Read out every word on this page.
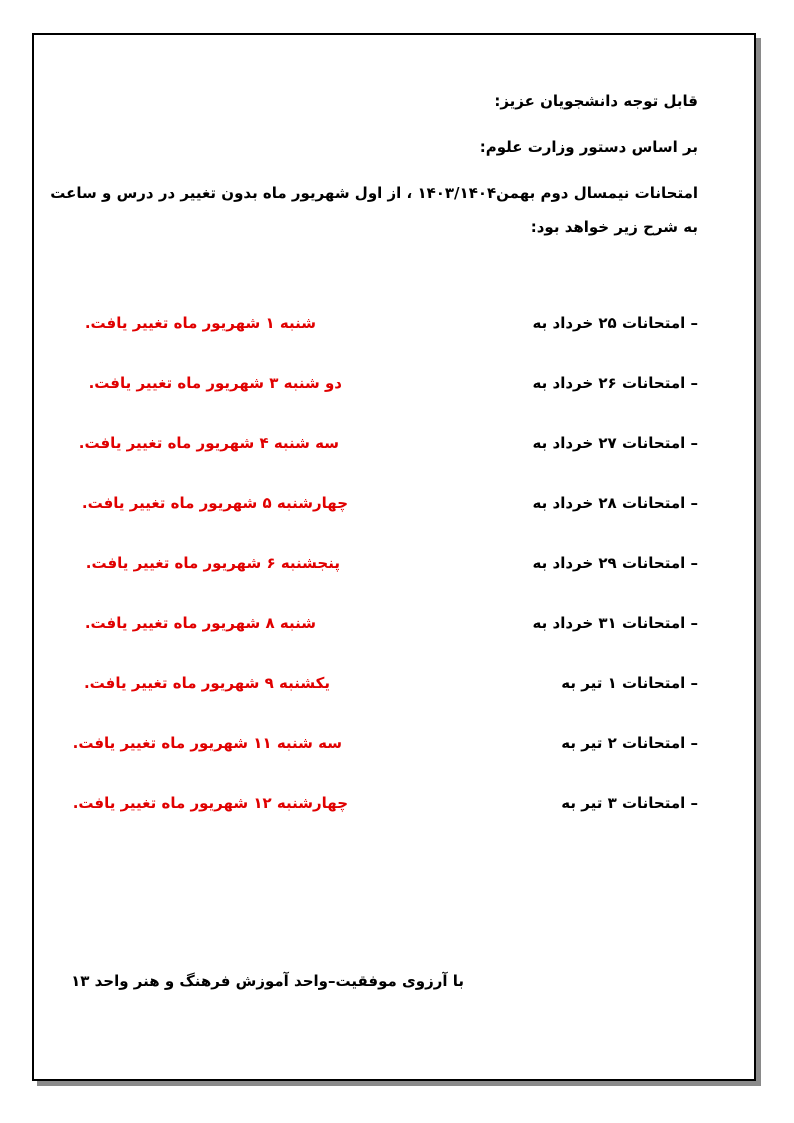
قابل توجه دانشجویان عزیز:
بر اساس دستور وزارت علوم:
امتحانات نیمسال دوم بهمن۱۴۰۳/۱۴۰۴ ، از اول شهریور ماه بدون تغییر در درس و ساعت
به شرح زیر خواهد بود:
– امتحانات ۲۵ خرداد به
شنبه ۱ شهریور ماه تغییر یافت.
– امتحانات ۲۶ خرداد به
دو شنبه ۳ شهریور ماه تغییر یافت.
– امتحانات ۲۷ خرداد به
سه شنبه ۴ شهریور ماه تغییر یافت.
– امتحانات ۲۸ خرداد به
چهارشنبه ۵ شهریور ماه تغییر یافت.
– امتحانات ۲۹ خرداد به
پنجشنبه ۶ شهریور ماه تغییر یافت.
– امتحانات ۳۱ خرداد به
شنبه ۸ شهریور ماه تغییر یافت.
– امتحانات ۱ تیر به
یکشنبه ۹ شهریور ماه تغییر یافت.
– امتحانات ۲ تیر به
سه شنبه ۱۱ شهریور ماه تغییر یافت.
– امتحانات ۳ تیر به
چهارشنبه ۱۲ شهریور ماه تغییر یافت.
با آرزوی موفقیت–واحد آموزش فرهنگ و هنر واحد ۱۳
